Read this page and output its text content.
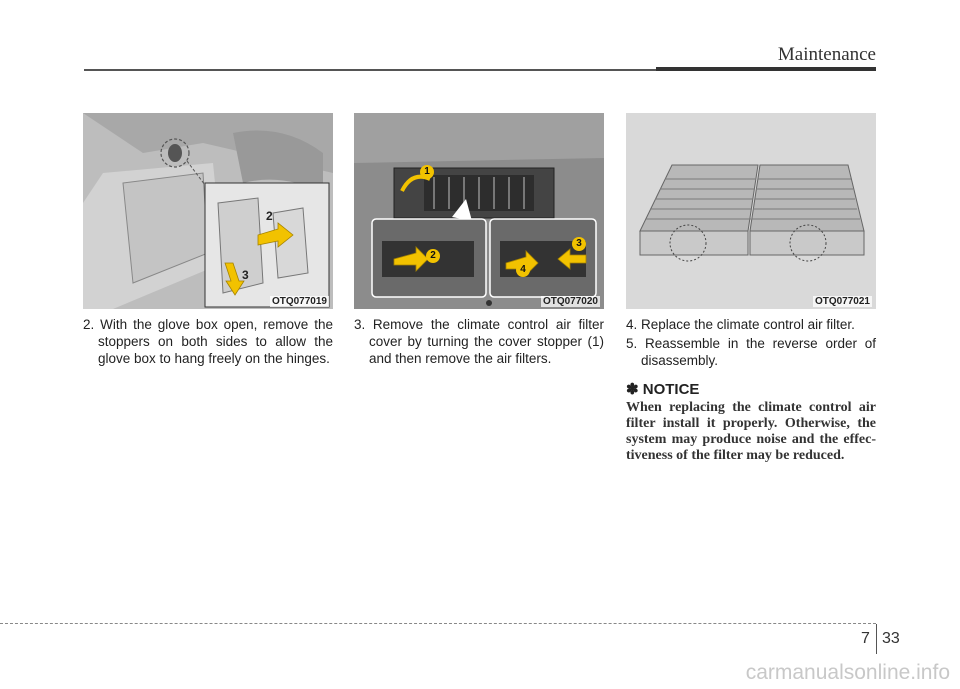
Maintenance
2
3
OTQ077019
1
2
3
4
OTQ077020	OTQ077021

2. With the glove box open, remove the stoppers on both sides to allow the glove box to hang freely on the hinges.

3. Remove the climate control air filter cover by turning the cover stopper (1) and then remove the air filters.

4. Replace the climate control air filter.

5. Reassemble in the reverse order of disassembly.

✽ NOTICE
When replacing the climate control air filter install it properly. Otherwise, the system may produce noise and the effec-tiveness of the filter may be reduced.
7 33
carmanualsonline.info
